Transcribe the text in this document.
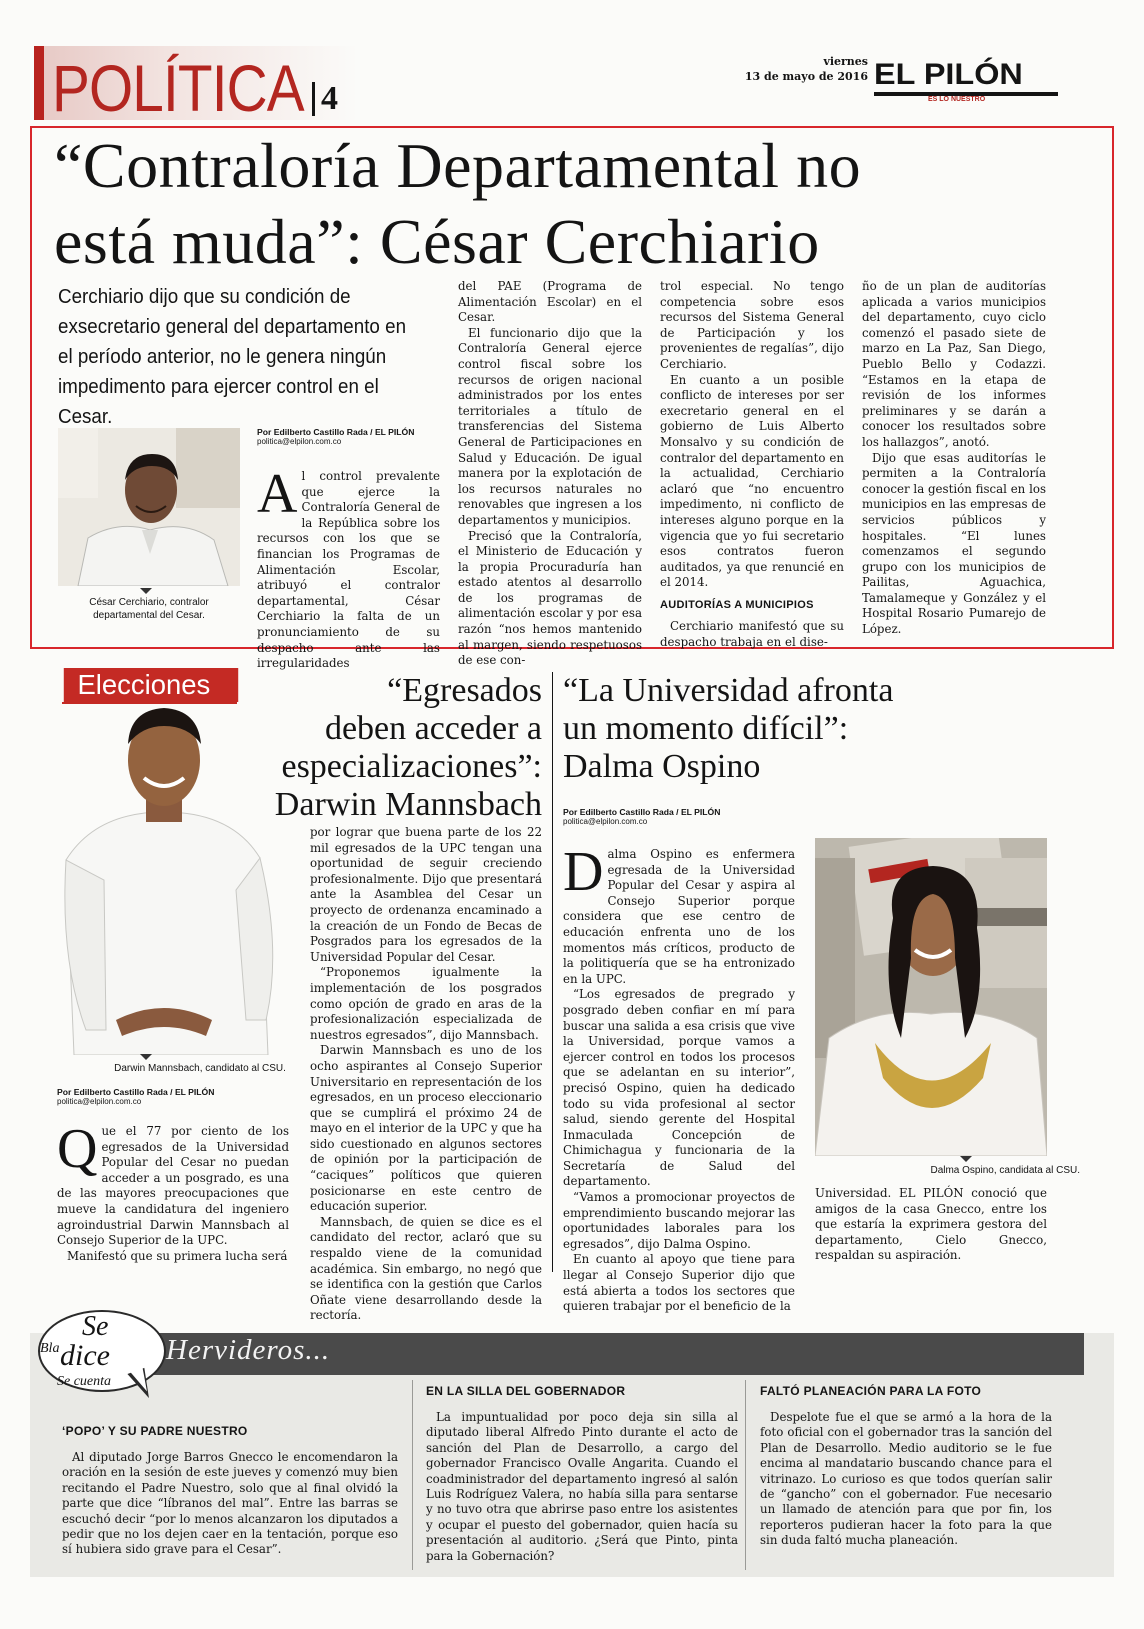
POLÍTICA 4
viernes
13 de mayo de 2016 EL PILÓN
ES LO NUESTRO
“Contraloría Departamental no
está muda”: César Cerchiario
Cerchiario dijo que su condición de exsecretario general del departamento en el período anterior, no le genera ningún impedimento para ejercer control en el Cesar.
César Cerchiario, contralor
departamental del Cesar.
Por Edilberto Castillo Rada / EL PILÓN
politica@elpilon.com.co
Al control prevalente que ejerce la Contraloría General de la República sobre los recursos con los que se financian los Programas de Alimentación Escolar, atribuyó el contralor departamental, César Cerchiario la falta de un pronunciamiento de su despacho ante las irregularidades

del PAE (Programa de Alimentación Escolar) en el Cesar.

El funcionario dijo que la Contraloría General ejerce control fiscal sobre los recursos de origen nacional administrados por los entes territoriales a título de transferencias del Sistema General de Participaciones en Salud y Educación. De igual manera por la explotación de los recursos naturales no renovables que ingresen a los departamentos y municipios.

Precisó que la Contraloría, el Ministerio de Educación y la propia Procuraduría han estado atentos al desarrollo de los programas de alimentación escolar y por esa razón “nos hemos mantenido al margen, siendo respetuosos de ese con-

trol especial. No tengo competencia sobre esos recursos del Sistema General de Participación y los provenientes de regalías”, dijo Cerchiario.

En cuanto a un posible conflicto de intereses por ser execretario general en el gobierno de Luis Alberto Monsalvo y su condición de contralor del departamento en la actualidad, Cerchiario aclaró que “no encuentro impedimento, ni conflicto de intereses alguno porque en la vigencia que yo fui secretario esos contratos fueron auditados, ya que renuncié en el 2014.

AUDITORÍAS A MUNICIPIOS

Cerchiario manifestó que su despacho trabaja en el dise-

ño de un plan de auditorías aplicada a varios municipios del departamento, cuyo ciclo comenzó el pasado siete de marzo en La Paz, San Diego, Pueblo Bello y Codazzi. “Estamos en la etapa de revisión de los informes preliminares y se darán a conocer los resultados sobre los hallazgos”, anotó.

Dijo que esas auditorías le permiten a la Contraloría conocer la gestión fiscal en los municipios en las empresas de servicios públicos y hospitales. “El lunes comenzamos el segundo grupo con los municipios de Pailitas, Aguachica, Tamalameque y González y el Hospital Rosario Pumarejo de López.

Elecciones
Darwin Mannsbach, candidato al CSU.
“Egresados
deben acceder a
especializaciones”:
Darwin Mannsbach
Por Edilberto Castillo Rada / EL PILÓN
politica@elpilon.com.co
Que el 77 por ciento de los egresados de la Universidad Popular del Cesar no puedan acceder a un posgrado, es una de las mayores preocupaciones que mueve la candidatura del ingeniero agroindustrial Darwin Mannsbach al Consejo Superior de la UPC.

Manifestó que su primera lucha será

por lograr que buena parte de los 22 mil egresados de la UPC tengan una oportunidad de seguir creciendo profesionalmente. Dijo que presentará ante la Asamblea del Cesar un proyecto de ordenanza encaminado a la creación de un Fondo de Becas de Posgrados para los egresados de la Universidad Popular del Cesar.

“Proponemos igualmente la implementación de los posgrados como opción de grado en aras de la profesionalización especializada de nuestros egresados”, dijo Mannsbach.

Darwin Mannsbach es uno de los ocho aspirantes al Consejo Superior Universitario en representación de los egresados, en un proceso eleccionario que se cumplirá el próximo 24 de mayo en el interior de la UPC y que ha sido cuestionado en algunos sectores de opinión por la participación de “caciques” políticos que quieren posicionarse en este centro de educación superior.

Mannsbach, de quien se dice es el candidato del rector, aclaró que su respaldo viene de la comunidad académica. Sin embargo, no negó que se identifica con la gestión que Carlos Oñate viene desarrollando desde la rectoría.

“La Universidad afronta
un momento difícil”:
Dalma Ospino
Por Edilberto Castillo Rada / EL PILÓN
politica@elpilon.com.co
Dalma Ospino es enfermera egresada de la Universidad Popular del Cesar y aspira al Consejo Superior porque considera que ese centro de educación enfrenta uno de los momentos más críticos, producto de la politiquería que se ha entronizado en la UPC.

“Los egresados de pregrado y posgrado deben confiar en mí para buscar una salida a esa crisis que vive la Universidad, porque vamos a ejercer control en todos los procesos que se adelantan en su interior”, precisó Ospino, quien ha dedicado todo su vida profesional al sector salud, siendo gerente del Hospital Inmaculada Concepción de Chimichagua y funcionaria de la Secretaría de Salud del departamento.

“Vamos a promocionar proyectos de emprendimiento buscando mejorar las oportunidades laborales para los egresados”, dijo Dalma Ospino.

En cuanto al apoyo que tiene para llegar al Consejo Superior dijo que está abierta a todos los sectores que quieren trabajar por el beneficio de la

Dalma Ospino, candidata al CSU.

Universidad. EL PILÓN conoció que amigos de la casa Gnecco, entre los que estaría la exprimera gestora del departamento, Cielo Gnecco, respaldan su aspiración.

Hervideros...
Se
Bla dice
Se cuenta
‘POPO’ Y SU PADRE NUESTRO

Al diputado Jorge Barros Gnecco le encomendaron la oración en la sesión de este jueves y comenzó muy bien recitando el Padre Nuestro, solo que al final olvidó la parte que dice “líbranos del mal”. Entre las barras se escuchó decir “por lo menos alcanzaron los diputados a pedir que no los dejen caer en la tentación, porque eso sí hubiera sido grave para el Cesar”.

EN LA SILLA DEL GOBERNADOR

La impuntualidad por poco deja sin silla al diputado liberal Alfredo Pinto durante el acto de sanción del Plan de Desarrollo, a cargo del gobernador Francisco Ovalle Angarita. Cuando el coadministrador del departamento ingresó al salón Luis Rodríguez Valera, no había silla para sentarse y no tuvo otra que abrirse paso entre los asistentes y ocupar el puesto del gobernador, quien hacía su presentación al auditorio. ¿Será que Pinto, pinta para la Gobernación?

FALTÓ PLANEACIÓN PARA LA FOTO

Despelote fue el que se armó a la hora de la foto oficial con el gobernador tras la sanción del Plan de Desarrollo. Medio auditorio se le fue encima al mandatario buscando chance para el vitrinazo. Lo curioso es que todos querían salir de “gancho” con el gobernador. Fue necesario un llamado de atención para que por fin, los reporteros pudieran hacer la foto para la que sin duda faltó mucha planeación.
